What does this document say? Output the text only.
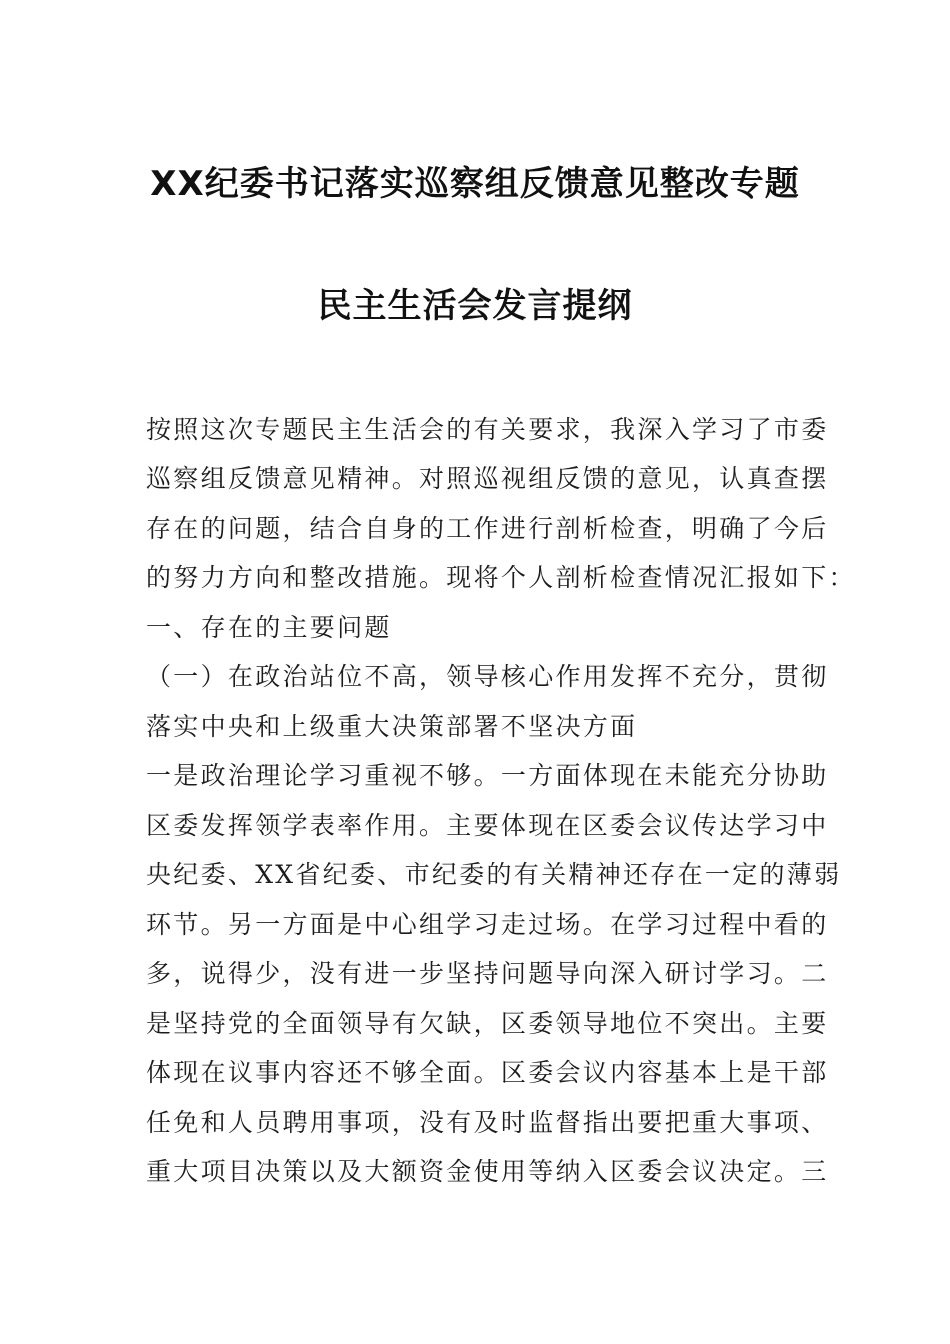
XX纪委书记落实巡察组反馈意见整改专题
民主生活会发言提纲
按照这次专题民主生活会的有关要求，我深入学习了市委
巡察组反馈意见精神。对照巡视组反馈的意见，认真查摆
存在的问题，结合自身的工作进行剖析检查，明确了今后
的努力方向和整改措施。现将个人剖析检查情况汇报如下：
一、存在的主要问题
（一）在政治站位不高，领导核心作用发挥不充分，贯彻
落实中央和上级重大决策部署不坚决方面
一是政治理论学习重视不够。一方面体现在未能充分协助
区委发挥领学表率作用。主要体现在区委会议传达学习中
央纪委、XX省纪委、市纪委的有关精神还存在一定的薄弱
环节。另一方面是中心组学习走过场。在学习过程中看的
多，说得少，没有进一步坚持问题导向深入研讨学习。二
是坚持党的全面领导有欠缺，区委领导地位不突出。主要
体现在议事内容还不够全面。区委会议内容基本上是干部
任免和人员聘用事项，没有及时监督指出要把重大事项、
重大项目决策以及大额资金使用等纳入区委会议决定。三
